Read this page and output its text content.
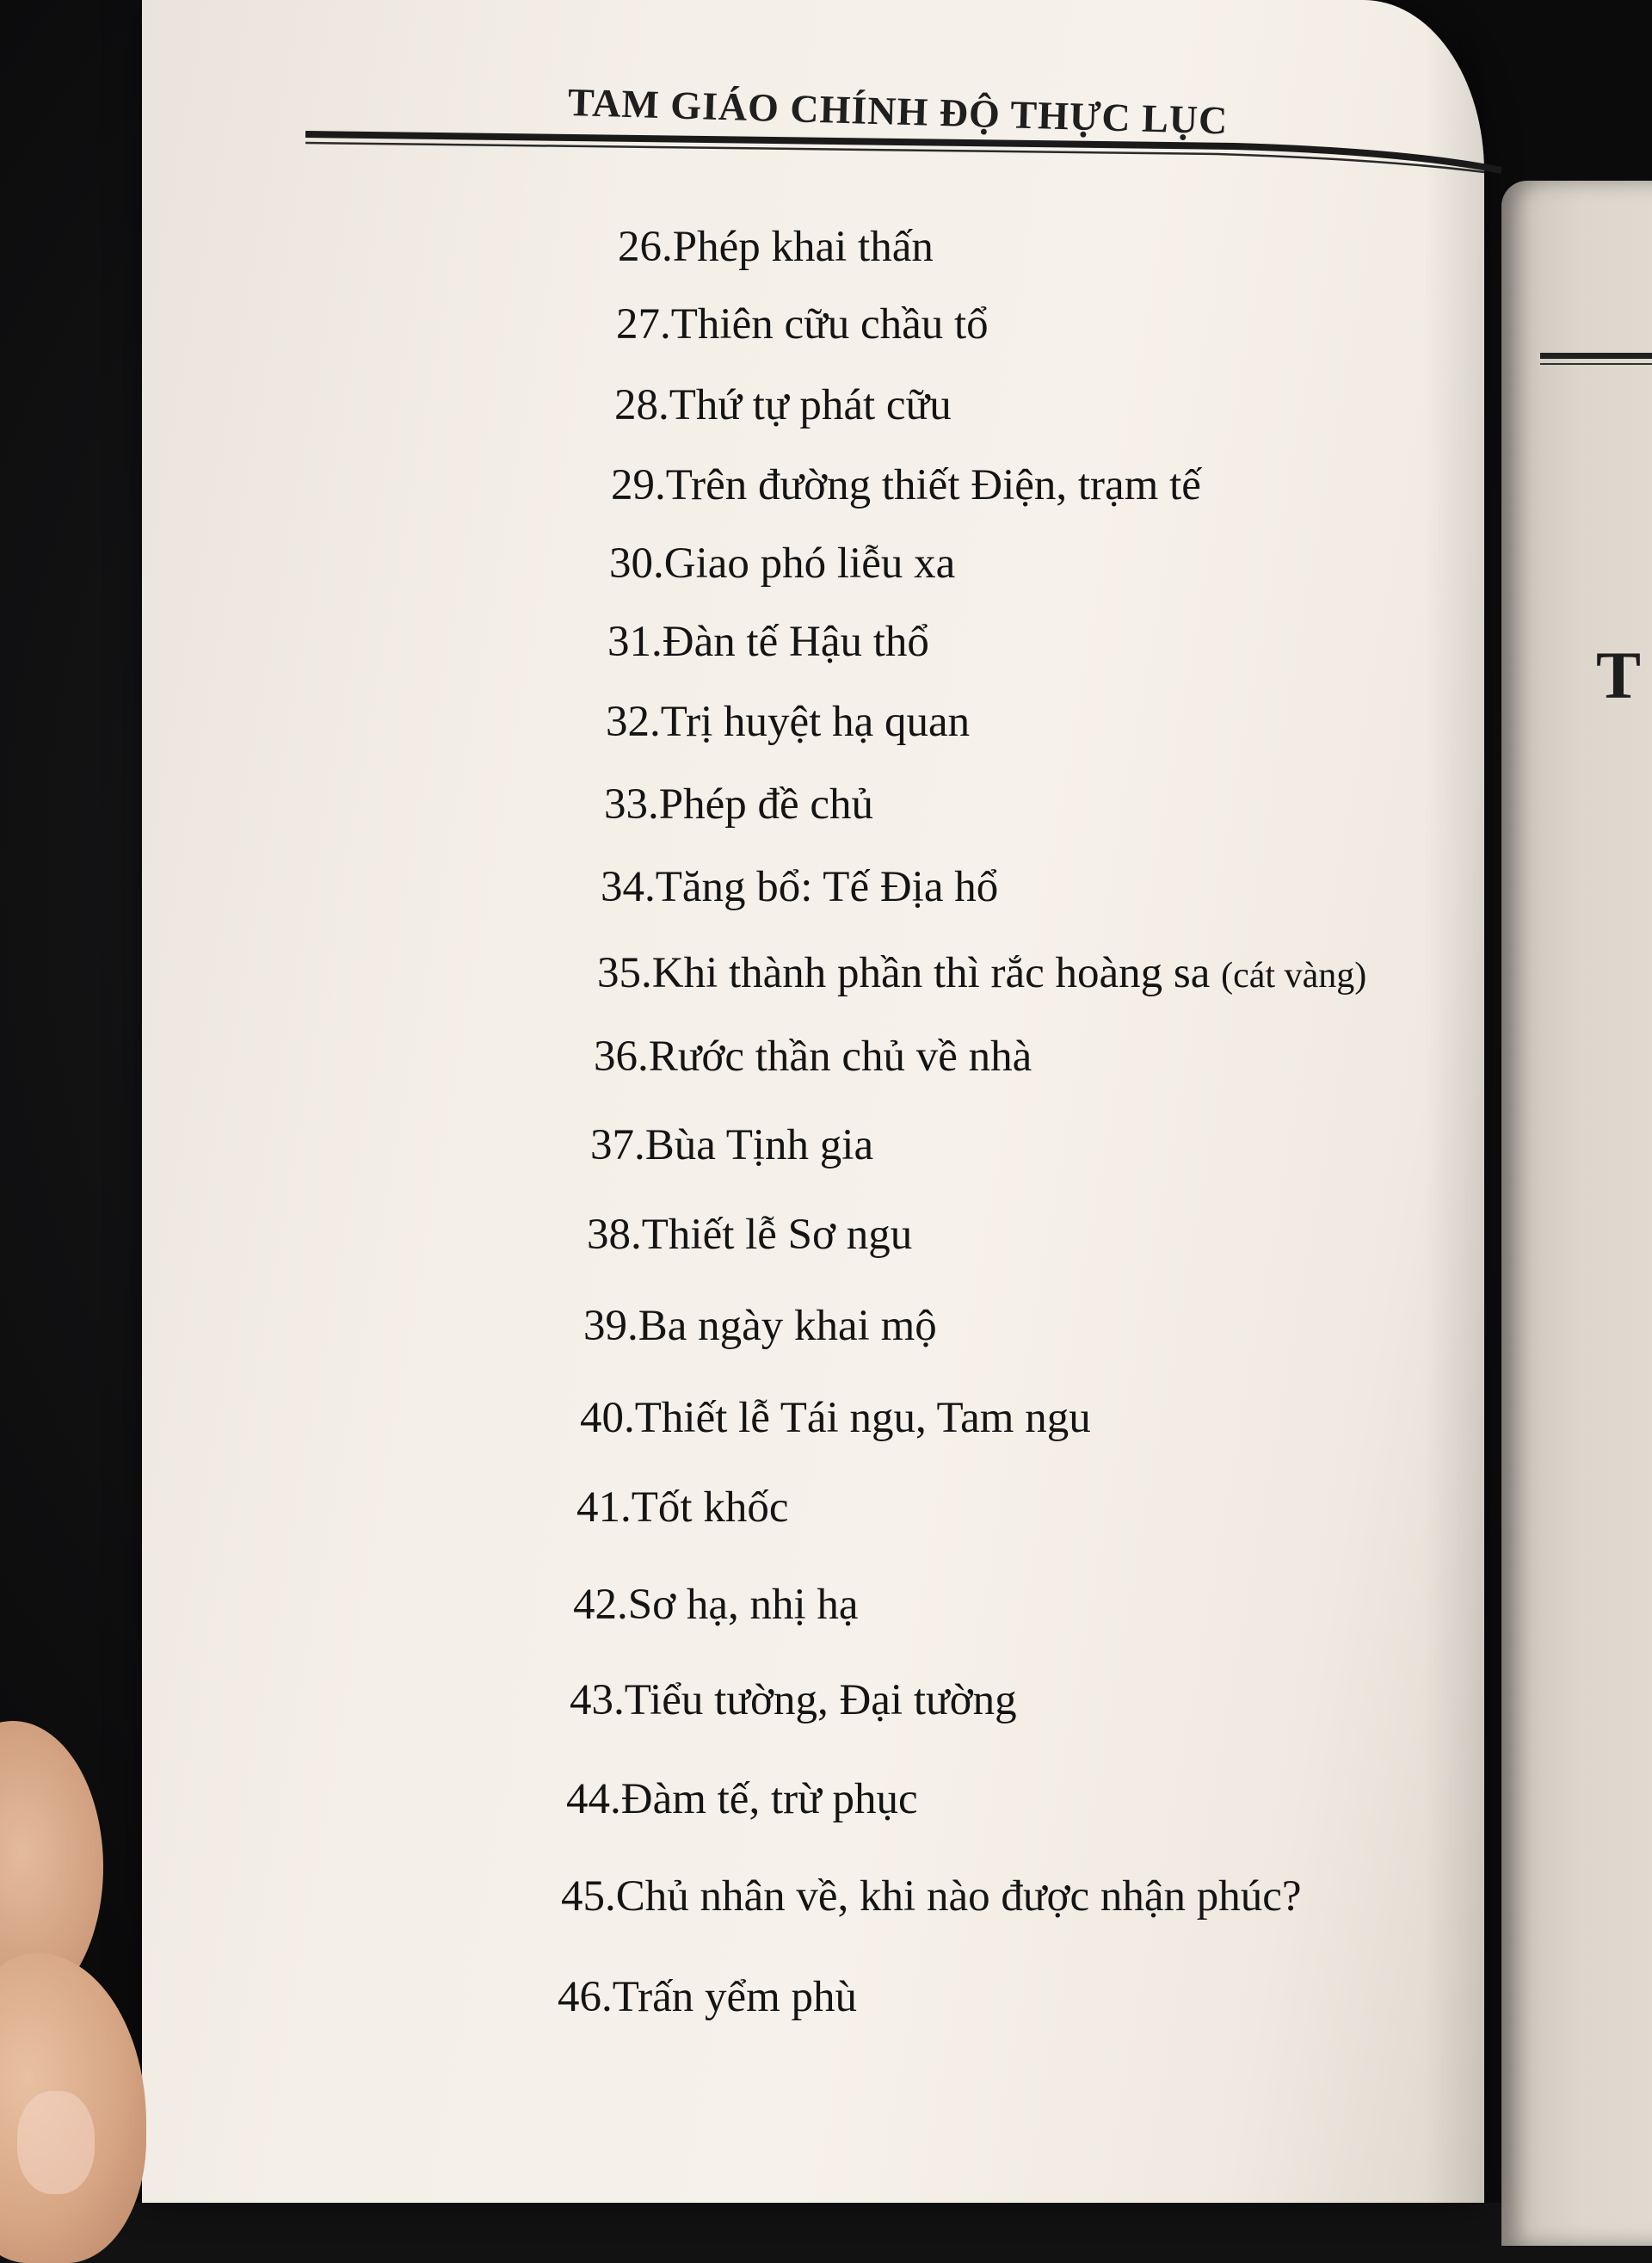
T
TAM GIÁO CHÍNH ĐỘ THỰC LỤC
26.Phép khai thấn
27.Thiên cữu chầu tổ
28.Thứ tự phát cữu
29.Trên đường thiết Điện, trạm tế
30.Giao phó liễu xa
31.Đàn tế Hậu thổ
32.Trị huyệt hạ quan
33.Phép đề chủ
34.Tăng bổ: Tế Địa hổ
35.Khi thành phần thì rắc hoàng sa (cát vàng)
36.Rước thần chủ về nhà
37.Bùa Tịnh gia
38.Thiết lễ Sơ ngu
39.Ba ngày khai mộ
40.Thiết lễ Tái ngu, Tam ngu
41.Tốt khốc
42.Sơ hạ, nhị hạ
43.Tiểu tường, Đại tường
44.Đàm tế, trừ phục
45.Chủ nhân về, khi nào được nhận phúc?
46.Trấn yểm phù
